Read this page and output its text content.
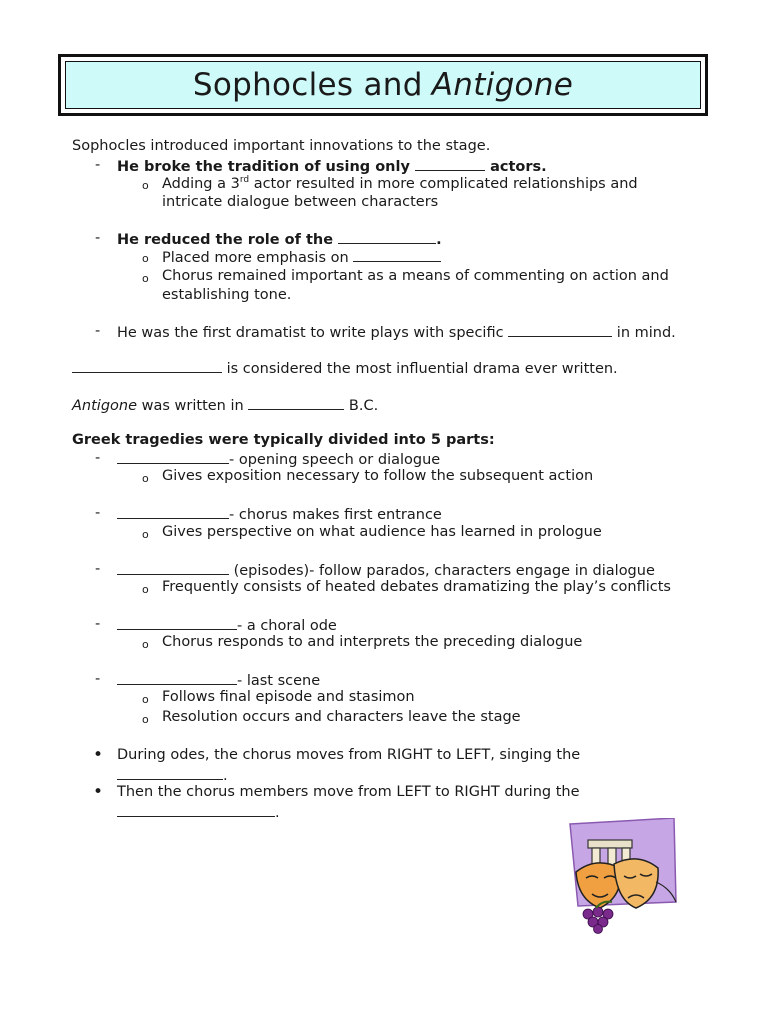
Sophocles and Antigone
Sophocles introduced important innovations to the stage.
- He broke the tradition of using only	actors.
o Adding a 3rd actor resulted in more complicated relationships and
intricate dialogue between characters
- He reduced the role of the	.
o Placed more emphasis on
o Chorus remained important as a means of commenting on action and
establishing tone.
- He was the first dramatist to write plays with specific	in mind.
is considered the most influential drama ever written.
Antigone was written in	B.C.
Greek tragedies were typically divided into 5 parts:
-	- opening speech or dialogue
o Gives exposition necessary to follow the subsequent action
-	- chorus makes first entrance
o Gives perspective on what audience has learned in prologue
-	(episodes)- follow parados, characters engage in dialogue
o Frequently consists of heated debates dramatizing the play’s conflicts
-	- a choral ode
o Chorus responds to and interprets the preceding dialogue
-	- last scene
o Follows final episode and stasimon
o Resolution occurs and characters leave the stage
• During odes, the chorus moves from RIGHT to LEFT, singing the
.
• Then the chorus members move from LEFT to RIGHT during the
.
